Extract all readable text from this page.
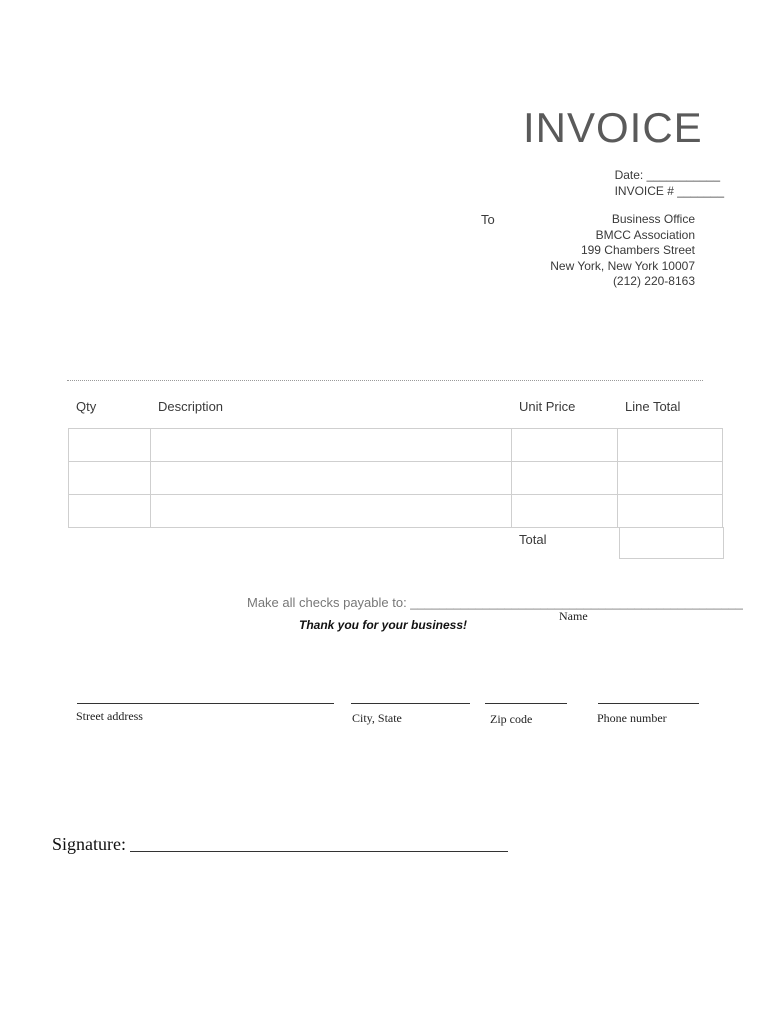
INVOICE
Date: ___________
INVOICE # _______
To	Business Office
BMCC Association
199 Chambers Street
New York, New York 10007
(212) 220-8163
Qty	Description	Unit Price	Line Total

Total
Make all checks payable to: ______________________________________________
Name
Thank you for your business!
Street address	City, State	Zip code	Phone number
Signature:
